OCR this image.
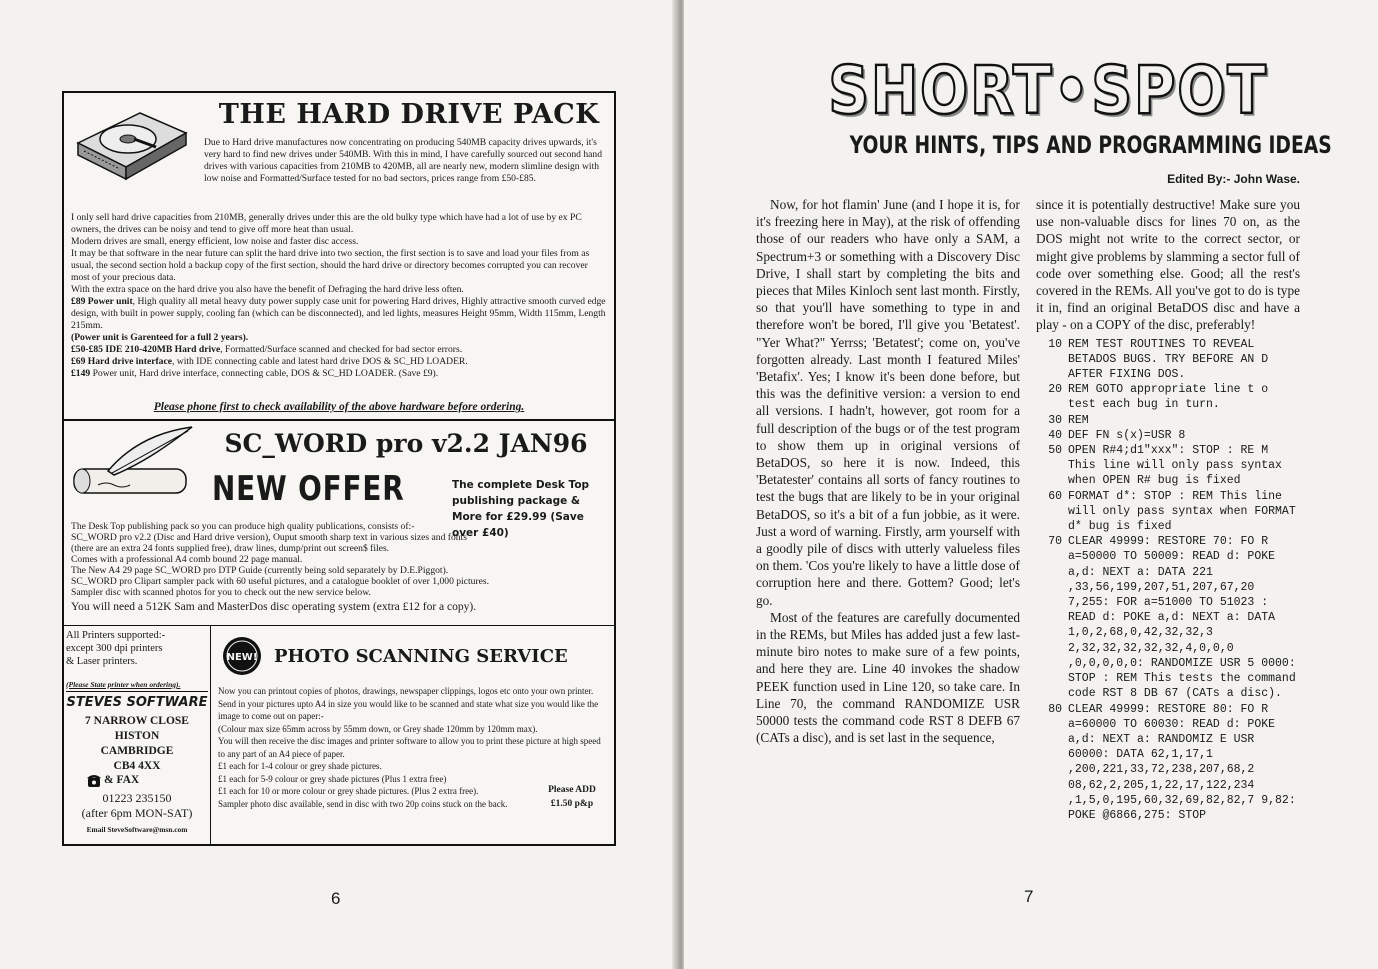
THE HARD DRIVE PACK
Due to Hard drive manufactures now concentrating on producing 540MB capacity drives upwards, it's very hard to find new drives under 540MB. With this in mind, I have carefully sourced out second hand drives with various capacities from 210MB to 420MB, all are nearly new, modern slimline design with low noise and Formatted/Surface tested for no bad sectors, prices range from £50-£85.

I only sell hard drive capacities from 210MB, generally drives under this are the old bulky type which have had a lot of use by ex PC owners, the drives can be noisy and tend to give off more heat than usual.

Modern drives are small, energy efficient, low noise and faster disc access.

It may be that software in the near future can split the hard drive into two section, the first section is to save and load your files from as usual, the second section hold a backup copy of the first section, should the hard drive or directory becomes corrupted you can recover most of your precious data.

With the extra space on the hard drive you also have the benefit of Defraging the hard drive less often.

£89 Power unit, High quality all metal heavy duty power supply case unit for powering Hard drives, Highly attractive smooth curved edge design, with built in power supply, cooling fan (which can be disconnected), and led lights, measures Height 95mm, Width 115mm, Length 215mm.

(Power unit is Garenteed for a full 2 years).

£50-£85 IDE 210-420MB Hard drive, Formatted/Surface scanned and checked for bad sector errors.

£69 Hard drive interface, with IDE connecting cable and latest hard drive DOS & SC_HD LOADER.

£149 Power unit, Hard drive interface, connecting cable, DOS & SC_HD LOADER. (Save £9).

Please phone first to check availability of the above hardware before ordering.
SC_WORD pro v2.2 JAN96
NEW OFFER	The complete Desk Top publishing package & More for £29.99 (Save over £40)

The Desk Top publishing pack so you can produce high quality publications, consists of:-

SC_WORD pro v2.2 (Disc and Hard drive version), Ouput smooth sharp text in various sizes and fonts

(there are an extra 24 fonts supplied free), draw lines, dump/print out screen$ files.

Comes with a professional A4 comb bound 22 page manual.

The New A4 29 page SC_WORD pro DTP Guide (currently being sold separately by D.E.Piggot).

SC_WORD pro Clipart sampler pack with 60 useful pictures, and a catalogue booklet of over 1,000 pictures.

Sampler disc with scanned photos for you to check out the new service below.

You will need a 512K Sam and MasterDos disc operating system (extra £12 for a copy).

All Printers supported:-
except 300 dpi printers
& Laser printers.
(Please State printer when ordering).
STEVES SOFTWARE
7 NARROW CLOSE
HISTON
CAMBRIDGE
CB4 4XX
& FAX
01223 235150
(after 6pm MON-SAT)
Email SteveSoftware@msn.com
NEW! PHOTO SCANNING SERVICE

Now you can printout copies of photos, drawings, newspaper clippings, logos etc onto your own printer.

Send in your pictures upto A4 in size you would like to be scanned and state what size you would like the image to come out on paper:-

(Colour max size 65mm across by 55mm down, or Grey shade 120mm by 120mm max).

You will then receive the disc images and printer software to allow you to print these picture at high speed to any part of an A4 piece of paper.

£1 each for 1-4 colour or grey shade pictures.

£1 each for 5-9 colour or grey shade pictures (Plus 1 extra free)

£1 each for 10 or more colour or grey shade pictures. (Plus 2 extra free).

Sampler photo disc available, send in disc with two 20p coins stuck on the back.

Please ADD
£1.50 p&p
6
SHORT•SPOT
YOUR HINTS, TIPS AND PROGRAMMING IDEAS
Edited By:- John Wase.

Now, for hot flamin' June (and I hope it is, for it's freezing here in May), at the risk of offending those of our readers who have only a SAM, a Spectrum+3 or something with a Discovery Disc Drive, I shall start by completing the bits and pieces that Miles Kinloch sent last month. Firstly, so that you'll have something to type in and therefore won't be bored, I'll give you 'Betatest'. "Yer What?" Yerrss; 'Betatest'; come on, you've forgotten already. Last month I featured Miles' 'Betafix'. Yes; I know it's been done before, but this was the definitive version: a version to end all versions. I hadn't, however, got room for a full description of the bugs or of the test program to show them up in original versions of BetaDOS, so here it is now. Indeed, this 'Betatester' contains all sorts of fancy routines to test the bugs that are likely to be in your original BetaDOS, so it's a bit of a fun jobbie, as it were. Just a word of warning. Firstly, arm yourself with a goodly pile of discs with utterly valueless files on them. 'Cos you're likely to have a little dose of corruption here and there. Gottem? Good; let's go.

Most of the features are carefully documented in the REMs, but Miles has added just a few last-minute biro notes to make sure of a few points, and here they are. Line 40 invokes the shadow PEEK function used in Line 120, so take care. In Line 70, the command RANDOMIZE USR 50000 tests the command code RST 8 DEFB 67 (CATs a disc), and is set last in the sequence,

since it is potentially destructive! Make sure you use non-valuable discs for lines 70 on, as the DOS might not write to the correct sector, or might give problems by slamming a sector full of code over something else. Good; all the rest's covered in the REMs. All you've got to do is type it in, find an original BetaDOS disc and have a play - on a COPY of the disc, preferably!

10 REM TEST ROUTINES TO REVEAL BETADOS BUGS. TRY BEFORE AN D AFTER FIXING DOS.
20 REM GOTO appropriate line t o test each bug in turn.
30 REM
40 DEF FN s(x)=USR 8
50 OPEN R#4;d1"xxx": STOP : RE M  This line will only pass syntax when OPEN R# bug is fixed
60 FORMAT d*: STOP : REM This line will only pass syntax when FORMAT d* bug is fixed
70 CLEAR 49999: RESTORE 70: FO R a=50000 TO 50009: READ d: POKE a,d: NEXT a: DATA 221 ,33,56,199,207,51,207,67,20 7,255: FOR a=51000 TO 51023 : READ d: POKE a,d: NEXT a: DATA 1,0,2,68,0,42,32,32,3 2,32,32,32,32,32,4,0,0,0 ,0,0,0,0,0: RANDOMIZE USR 5 0000: STOP : REM This tests the command code RST 8 DB 67 (CATs a disc).
80 CLEAR 49999: RESTORE 80: FO R a=60000 TO 60030: READ d: POKE a,d: NEXT a: RANDOMIZ E USR 60000: DATA 62,1,17,1 ,200,221,33,72,238,207,68,2 08,62,2,205,1,22,17,122,234 ,1,5,0,195,60,32,69,82,82,7 9,82: POKE @6866,275: STOP
7
